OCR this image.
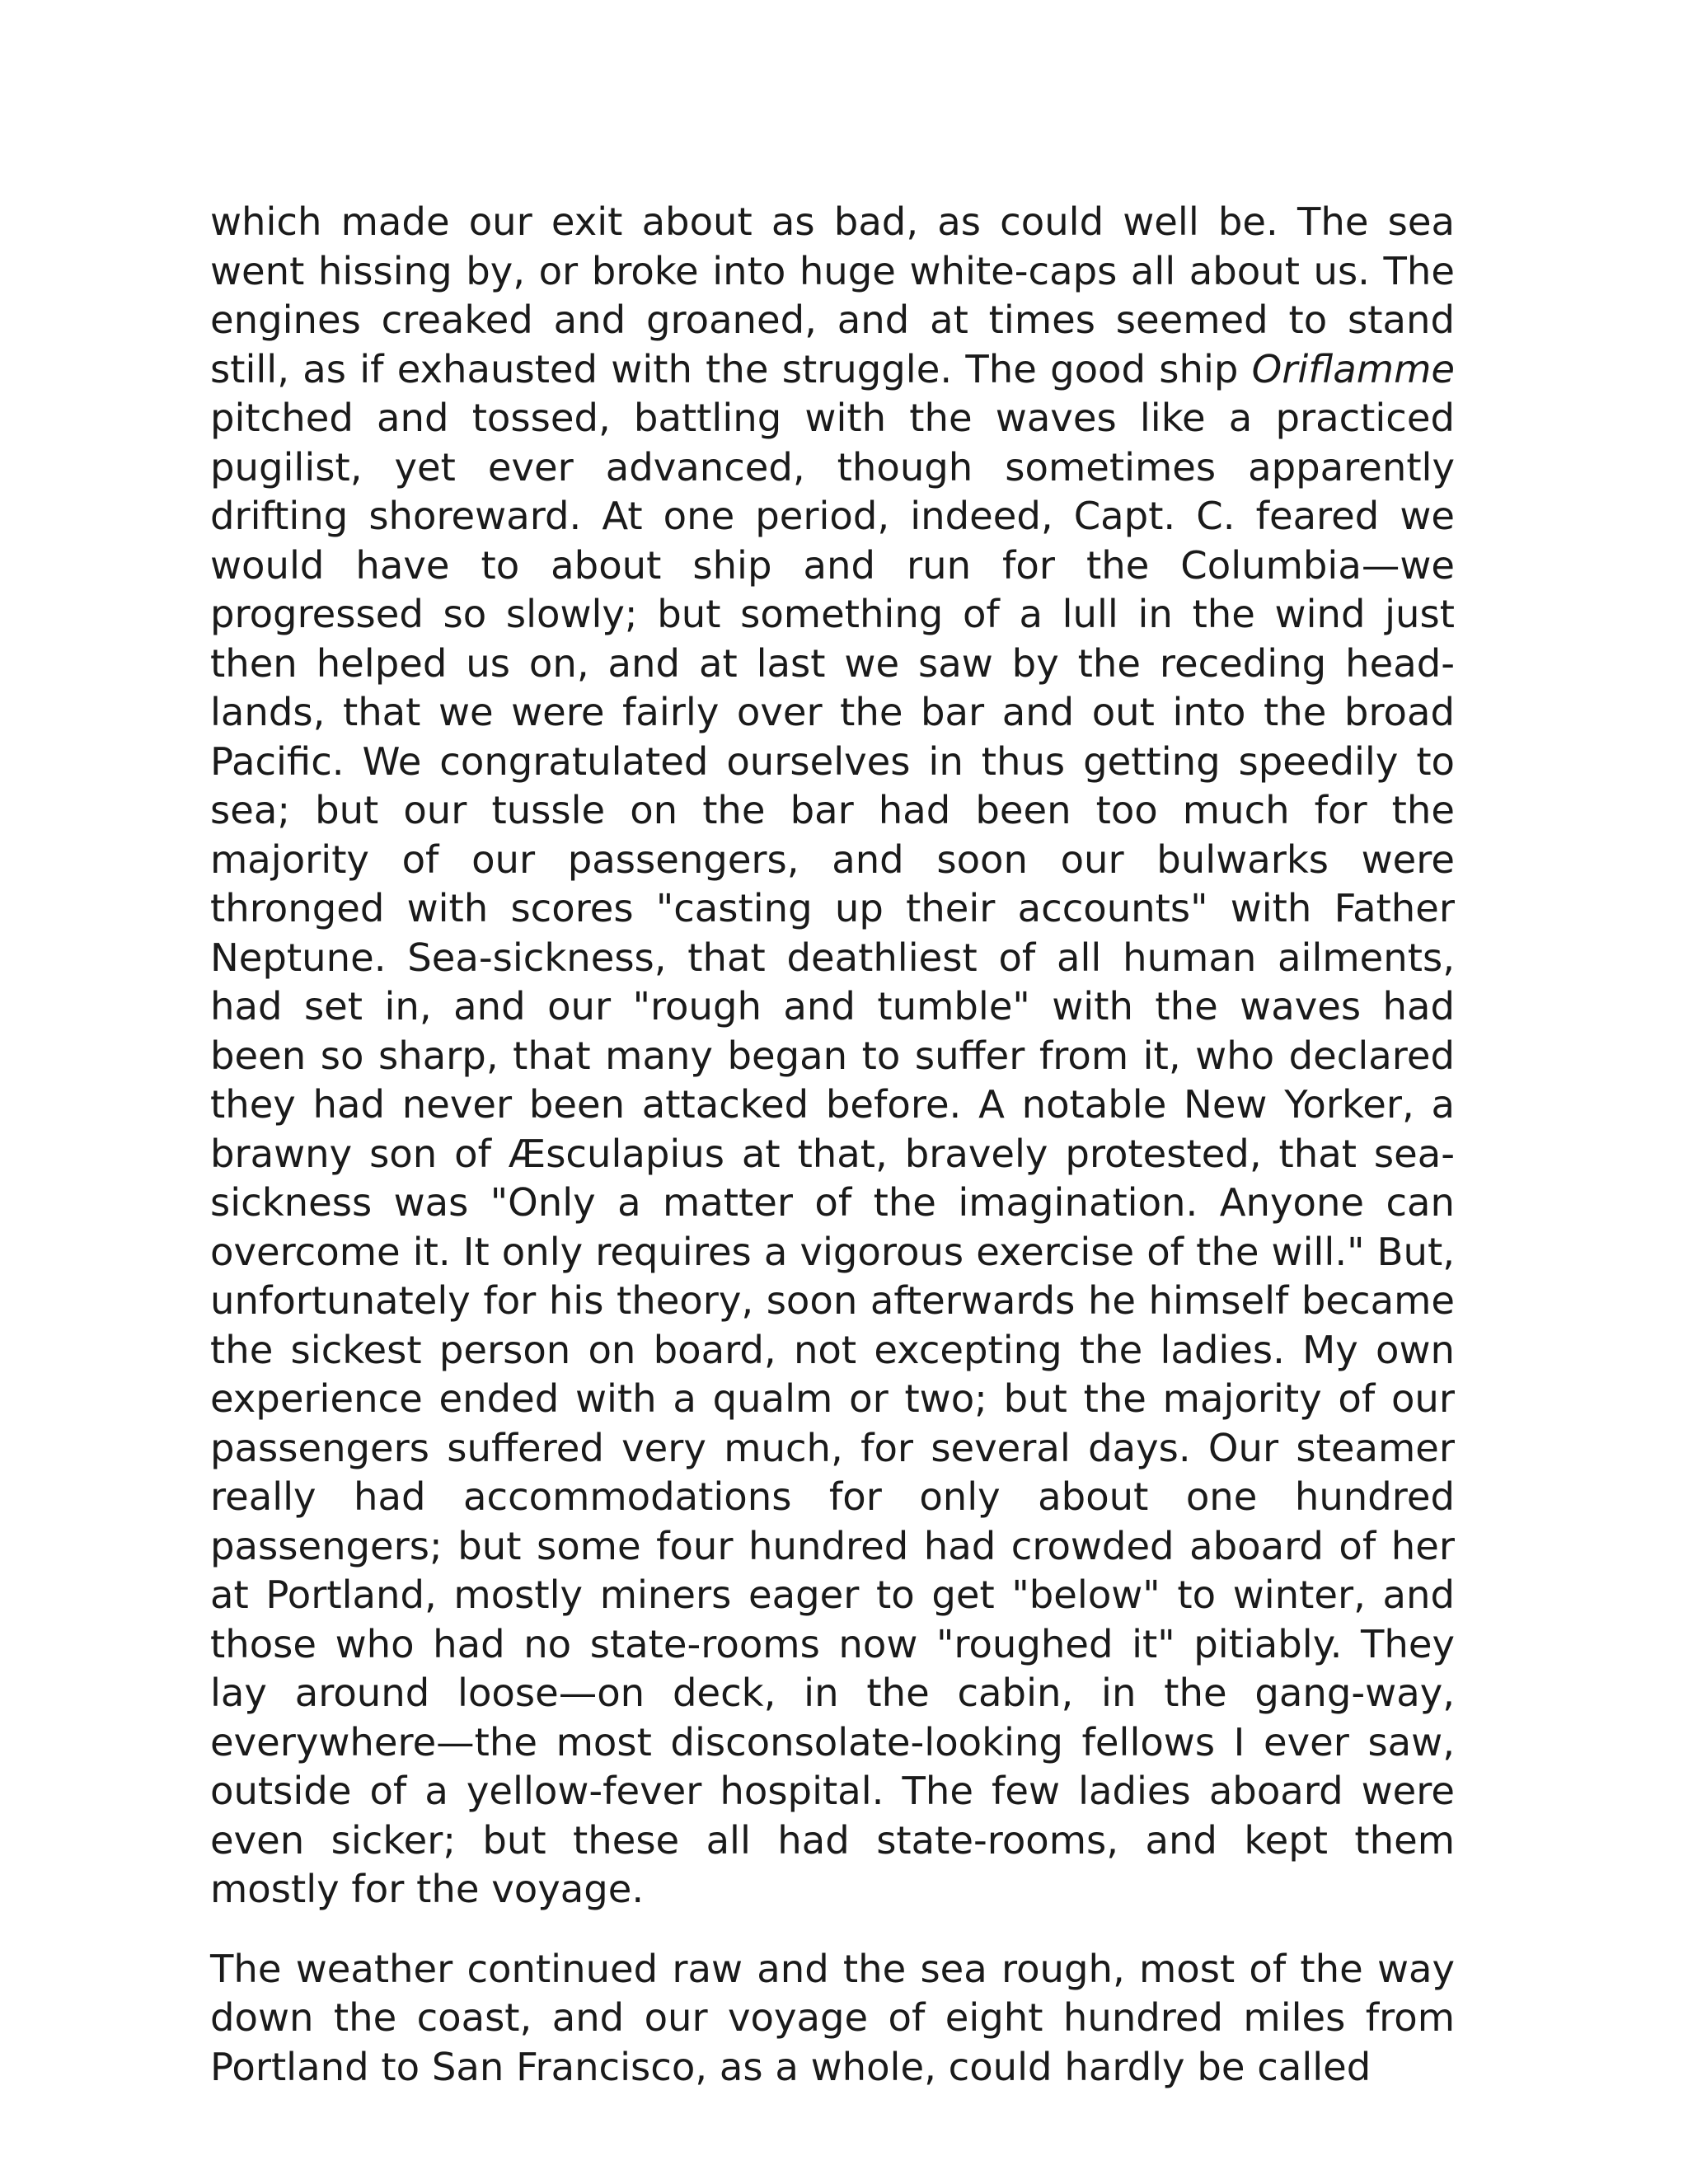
which made our exit about as bad, as could well be. The sea went hissing by, or broke into huge white-caps all about us. The engines creaked and groaned, and at times seemed to stand still, as if exhausted with the struggle. The good ship Oriflamme pitched and tossed, battling with the waves like a practiced pugilist, yet ever advanced, though sometimes apparently drifting shoreward. At one period, indeed, Capt. C. feared we would have to about ship and run for the Columbia—we progressed so slowly; but something of a lull in the wind just then helped us on, and at last we saw by the receding head-lands, that we were fairly over the bar and out into the broad Pacific. We congratulated ourselves in thus getting speedily to sea; but our tussle on the bar had been too much for the majority of our passengers, and soon our bulwarks were thronged with scores "casting up their accounts" with Father Neptune. Sea-sickness, that deathliest of all human ailments, had set in, and our "rough and tumble" with the waves had been so sharp, that many began to suffer from it, who declared they had never been attacked before. A notable New Yorker, a brawny son of Æsculapius at that, bravely protested, that sea-sickness was "Only a matter of the imagination. Anyone can overcome it. It only requires a vigorous exercise of the will." But, unfortunately for his theory, soon afterwards he himself became the sickest person on board, not excepting the ladies. My own experience ended with a qualm or two; but the majority of our passengers suffered very much, for several days. Our steamer really had accommodations for only about one hundred passengers; but some four hundred had crowded aboard of her at Portland, mostly miners eager to get "below" to winter, and those who had no state-rooms now "roughed it" pitiably. They lay around loose—on deck, in the cabin, in the gang-way, everywhere—the most disconsolate-looking fellows I ever saw, outside of a yellow-fever hospital. The few ladies aboard were even sicker; but these all had state-rooms, and kept them mostly for the voyage.

The weather continued raw and the sea rough, most of the way down the coast, and our voyage of eight hundred miles from Portland to San Francisco, as a whole, could hardly be called
